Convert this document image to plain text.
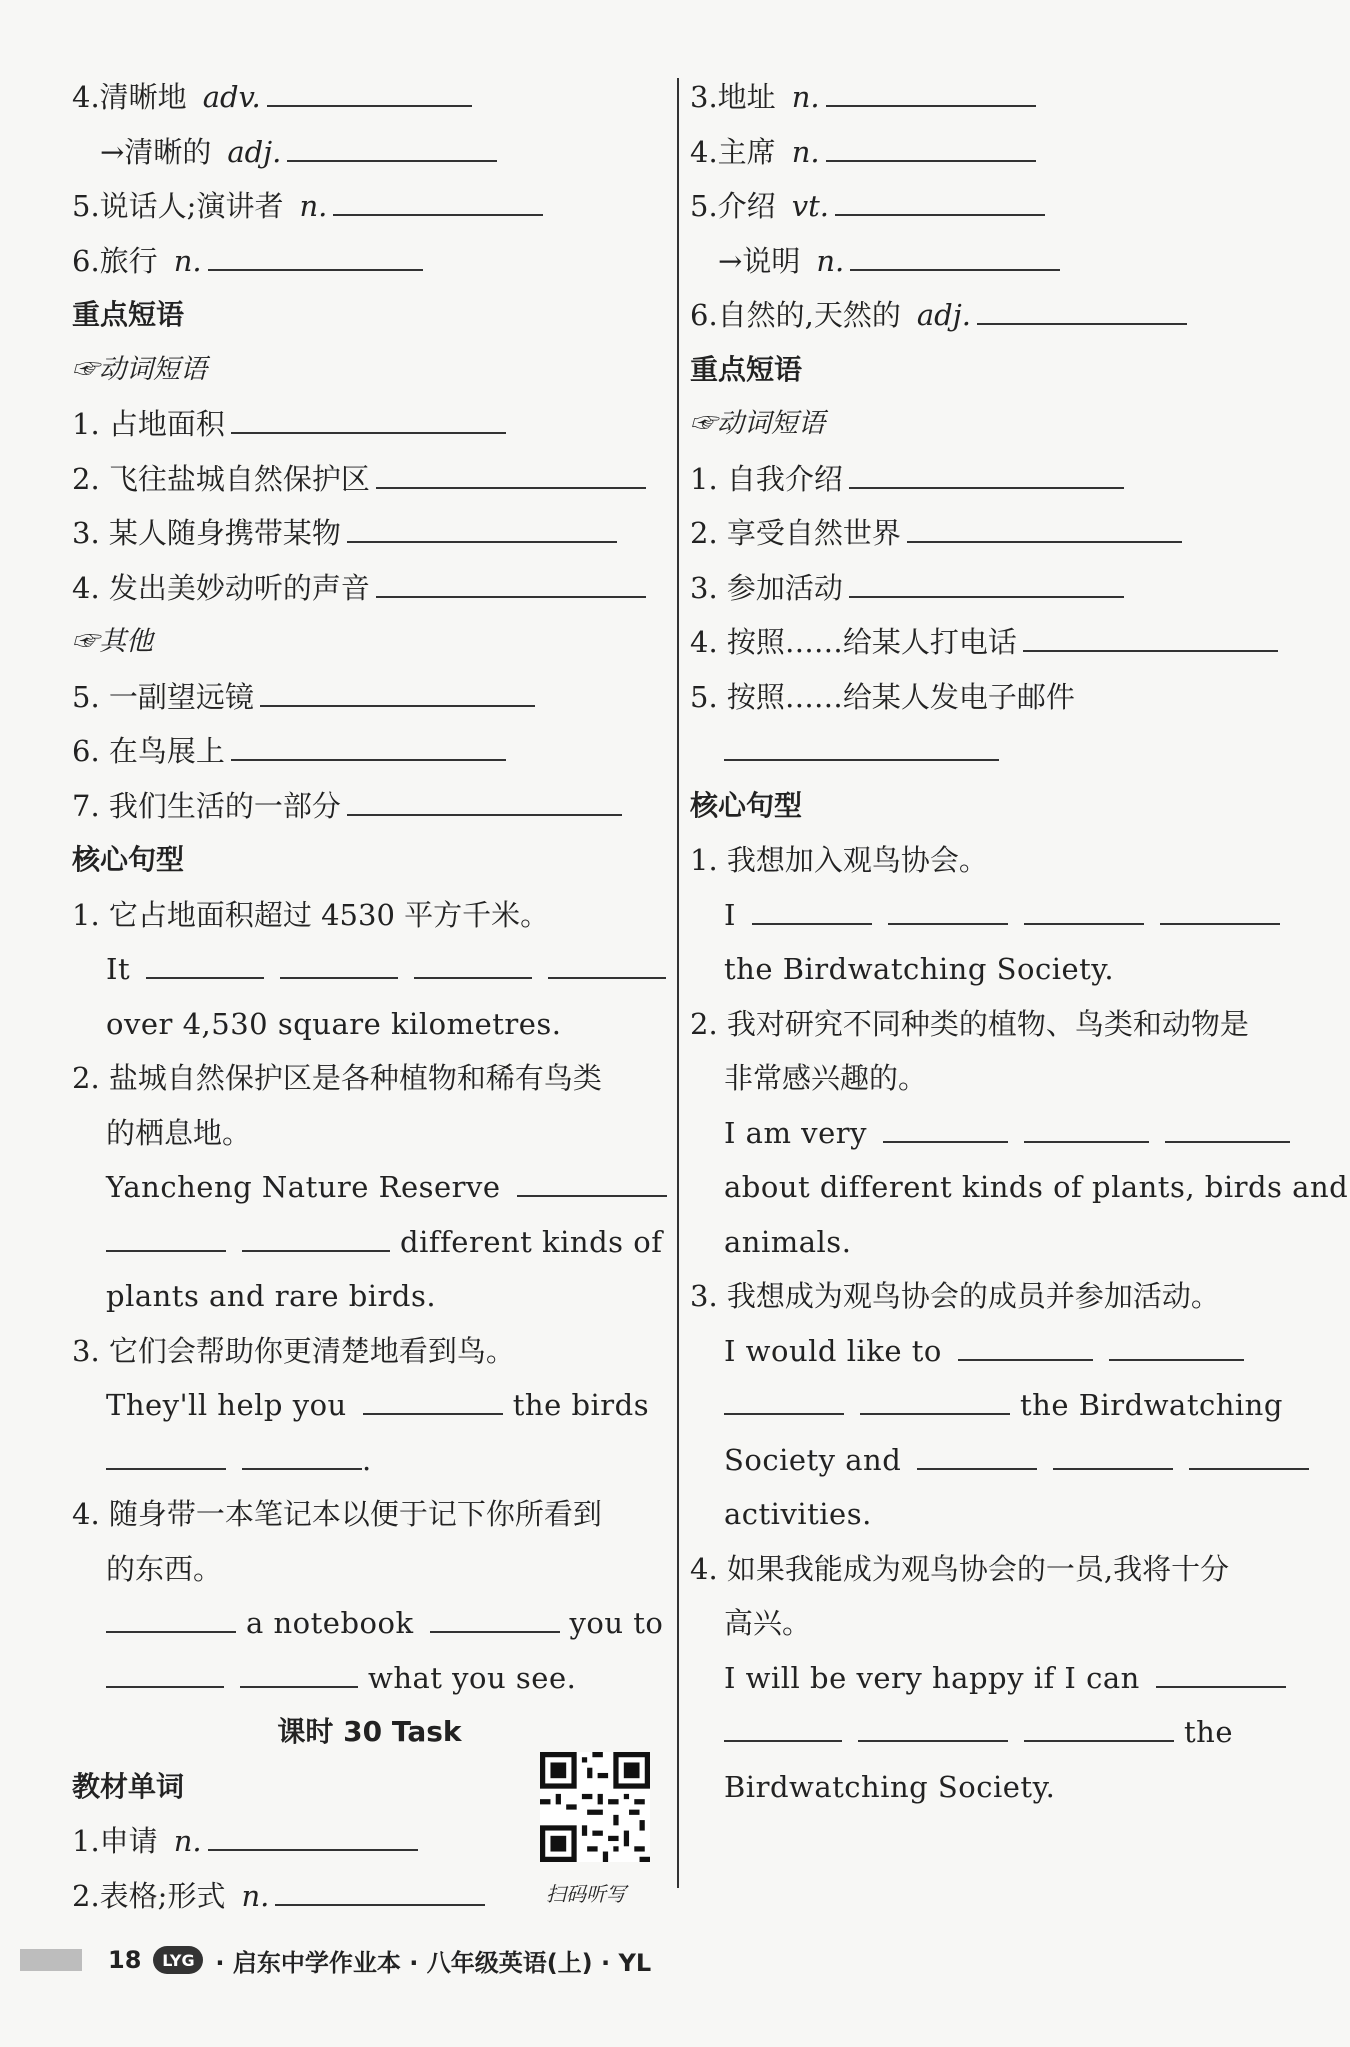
4.清晰地 adv.
→清晰的 adj.
5.说话人;演讲者 n.
6.旅行 n.
重点短语
☞动词短语
1. 占地面积
2. 飞往盐城自然保护区
3. 某人随身携带某物
4. 发出美妙动听的声音
☞其他
5. 一副望远镜
6. 在鸟展上
7. 我们生活的一部分
核心句型
1. 它占地面积超过 4530 平方千米。
It
over 4,530 square kilometres.
2. 盐城自然保护区是各种植物和稀有鸟类
的栖息地。
Yancheng Nature Reserve
different kinds of
plants and rare birds.
3. 它们会帮助你更清楚地看到鸟。
They'll help you	the birds
.
4. 随身带一本笔记本以便于记下你所看到
的东西。
a notebook	you to
what you see.
课时 30 Task
教材单词
1.申请 n.
2.表格;形式 n.	扫码听写
3.地址 n.
4.主席 n.
5.介绍 vt.
→说明 n.
6.自然的,天然的 adj.
重点短语
☞动词短语
1. 自我介绍
2. 享受自然世界
3. 参加活动
4. 按照……给某人打电话
5. 按照……给某人发电子邮件
核心句型
1. 我想加入观鸟协会。
I
the Birdwatching Society.
2. 我对研究不同种类的植物、鸟类和动物是
非常感兴趣的。
I am very
about different kinds of plants, birds and
animals.
3. 我想成为观鸟协会的成员并参加活动。
I would like to
the Birdwatching
Society and
activities.
4. 如果我能成为观鸟协会的一员,我将十分
高兴。
I will be very happy if I can
the
Birdwatching Society.
18	LYG · 启东中学作业本 · 八年级英语(上) · YL
